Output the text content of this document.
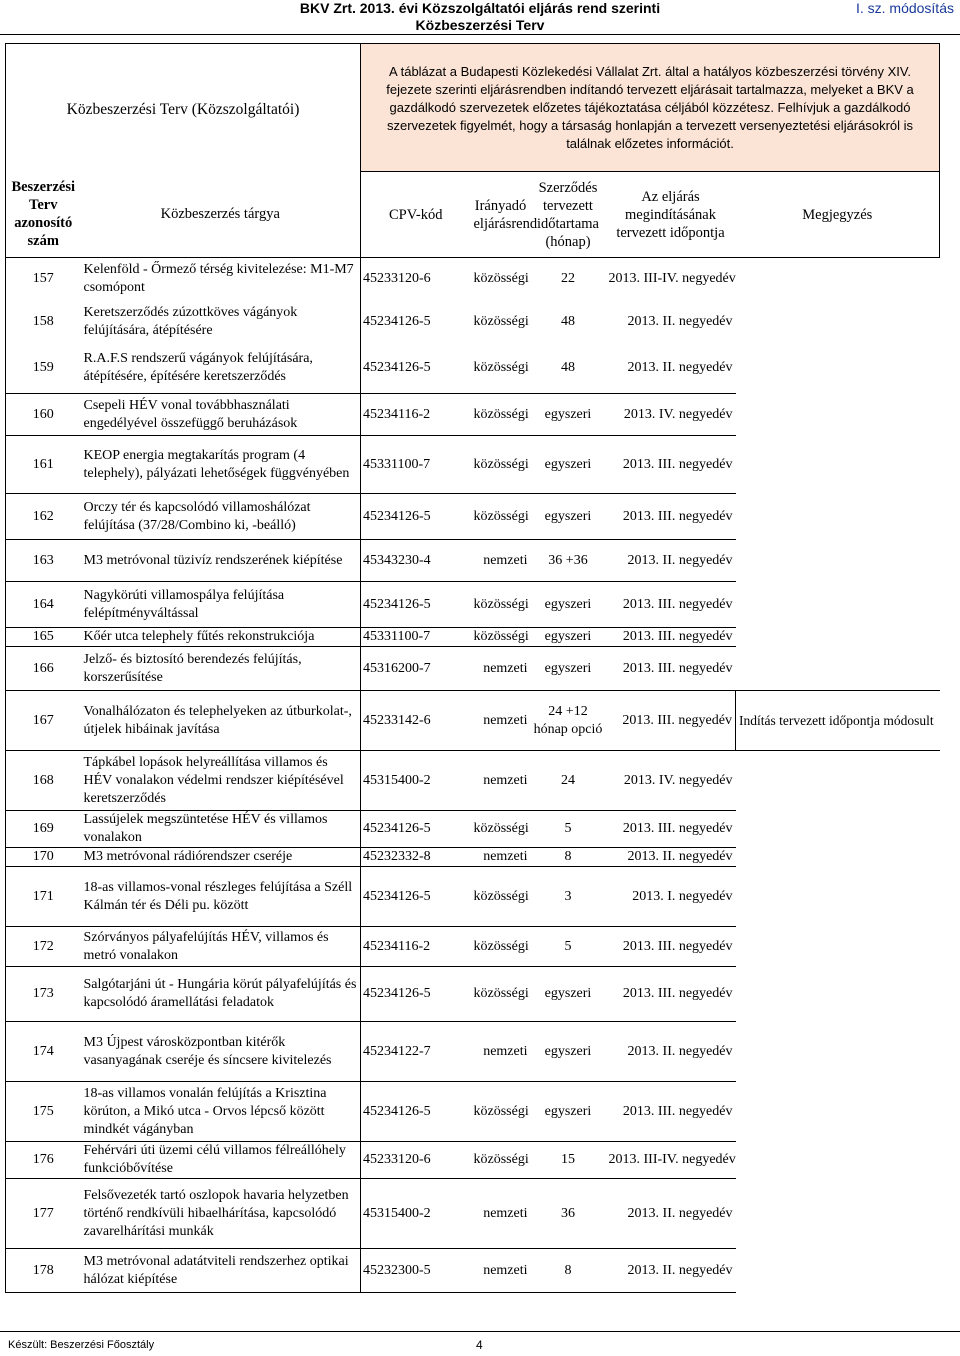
BKV Zrt. 2013. évi Közszolgáltatói eljárás rend szerinti
Közbeszerzési Terv
I. sz. módosítás
Közbeszerzési Terv (Közszolgáltatói)		A táblázat a Budapesti Közlekedési Vállalat Zrt. által a hatályos közbeszerzési törvény XIV. fejezete szerinti eljárásrendben indítandó tervezett eljárásait tartalmazza, melyeket a BKV a gazdálkodó szervezetek előzetes tájékoztatása céljából közzétesz. Felhívjuk a gazdálkodó szervezetek figyelmét, hogy a társaság honlapján a tervezett versenyeztetési eljárásokról is találnak előzetes információt.				
Beszerzési Terv azonosító szám	Közbeszerzés tárgya	CPV-kód	Irányadó eljárásrend	Szerződés tervezett időtartama (hónap)	Az eljárás megindításának tervezett időpontja	Megjegyzés
157	Kelenföld - Őrmező térség kivitelezése: M1-M7 csomópont	45233120-6	közösségi	22	2013. III-IV. negyedév	
158	Keretszerződés zúzottköves vágányok felújítására, átépítésére	45234126-5	közösségi	48	2013. II. negyedév	
159	R.A.F.S rendszerű vágányok felújítására, átépítésére, építésére keretszerződés	45234126-5	közösségi	48	2013. II. negyedév	
160	Csepeli HÉV vonal továbbhasználati engedélyével összefüggő beruházások	45234116-2	közösségi	egyszeri	2013. IV. negyedév	
161	KEOP energia megtakarítás program (4 telephely), pályázati lehetőségek függvényében	45331100-7	közösségi	egyszeri	2013. III. negyedév	
162	Orczy tér és kapcsolódó villamoshálózat felújítása (37/28/Combino ki, -beálló)	45234126-5	közösségi	egyszeri	2013. III. negyedév	
163	M3 metróvonal tüzivíz rendszerének kiépítése	45343230-4	nemzeti	36 +36	2013. II. negyedév	
164	Nagykörúti villamospálya felújítása felépítményváltással	45234126-5	közösségi	egyszeri	2013. III. negyedév	
165	Kőér utca telephely fűtés rekonstrukciója	45331100-7	közösségi	egyszeri	2013. III. negyedév	
166	Jelző- és biztosító berendezés felújítás, korszerűsítése	45316200-7	nemzeti	egyszeri	2013. III. negyedév	
167	Vonalhálózaton és telephelyeken az útburkolat-, útjelek hibáinak javítása	45233142-6	nemzeti	24 +12 hónap opció	2013. III. negyedév	Indítás tervezett időpontja módosult
168	Tápkábel lopások helyreállítása villamos és HÉV vonalakon védelmi rendszer kiépítésével keretszerződés	45315400-2	nemzeti	24	2013. IV. negyedév	
169	Lassújelek megszüntetése HÉV és villamos vonalakon	45234126-5	közösségi	5	2013. III. negyedév	
170	M3 metróvonal rádiórendszer cseréje	45232332-8	nemzeti	8	2013. II. negyedév	
171	18-as villamos-vonal részleges felújítása a Széll Kálmán tér és Déli pu. között	45234126-5	közösségi	3	2013. I. negyedév	
172	Szórványos pályafelújítás HÉV, villamos és metró vonalakon	45234116-2	közösségi	5	2013. III. negyedév	
173	Salgótarjáni út - Hungária körút pályafelújítás és kapcsolódó áramellátási feladatok	45234126-5	közösségi	egyszeri	2013. III. negyedév	
174	M3 Újpest városközpontban kitérők vasanyagának cseréje és síncsere kivitelezés	45234122-7	nemzeti	egyszeri	2013. II. negyedév	
175	18-as villamos vonalán felújítás a Krisztina körúton, a Mikó utca - Orvos lépcső között mindkét vágányban	45234126-5	közösségi	egyszeri	2013. III. negyedév	
176	Fehérvári úti üzemi célú villamos félreállóhely funkcióbővítése	45233120-6	közösségi	15	2013. III-IV. negyedév	
177	Felsővezeték tartó oszlopok havaria helyzetben történő rendkívüli hibaelhárítása, kapcsolódó zavarelhárítási munkák	45315400-2	nemzeti	36	2013. II. negyedév	
178	M3 metróvonal adatátviteli rendszerhez optikai hálózat kiépítése	45232300-5	nemzeti	8	2013. II. negyedév	
Készült: Beszerzési Főosztály	4
